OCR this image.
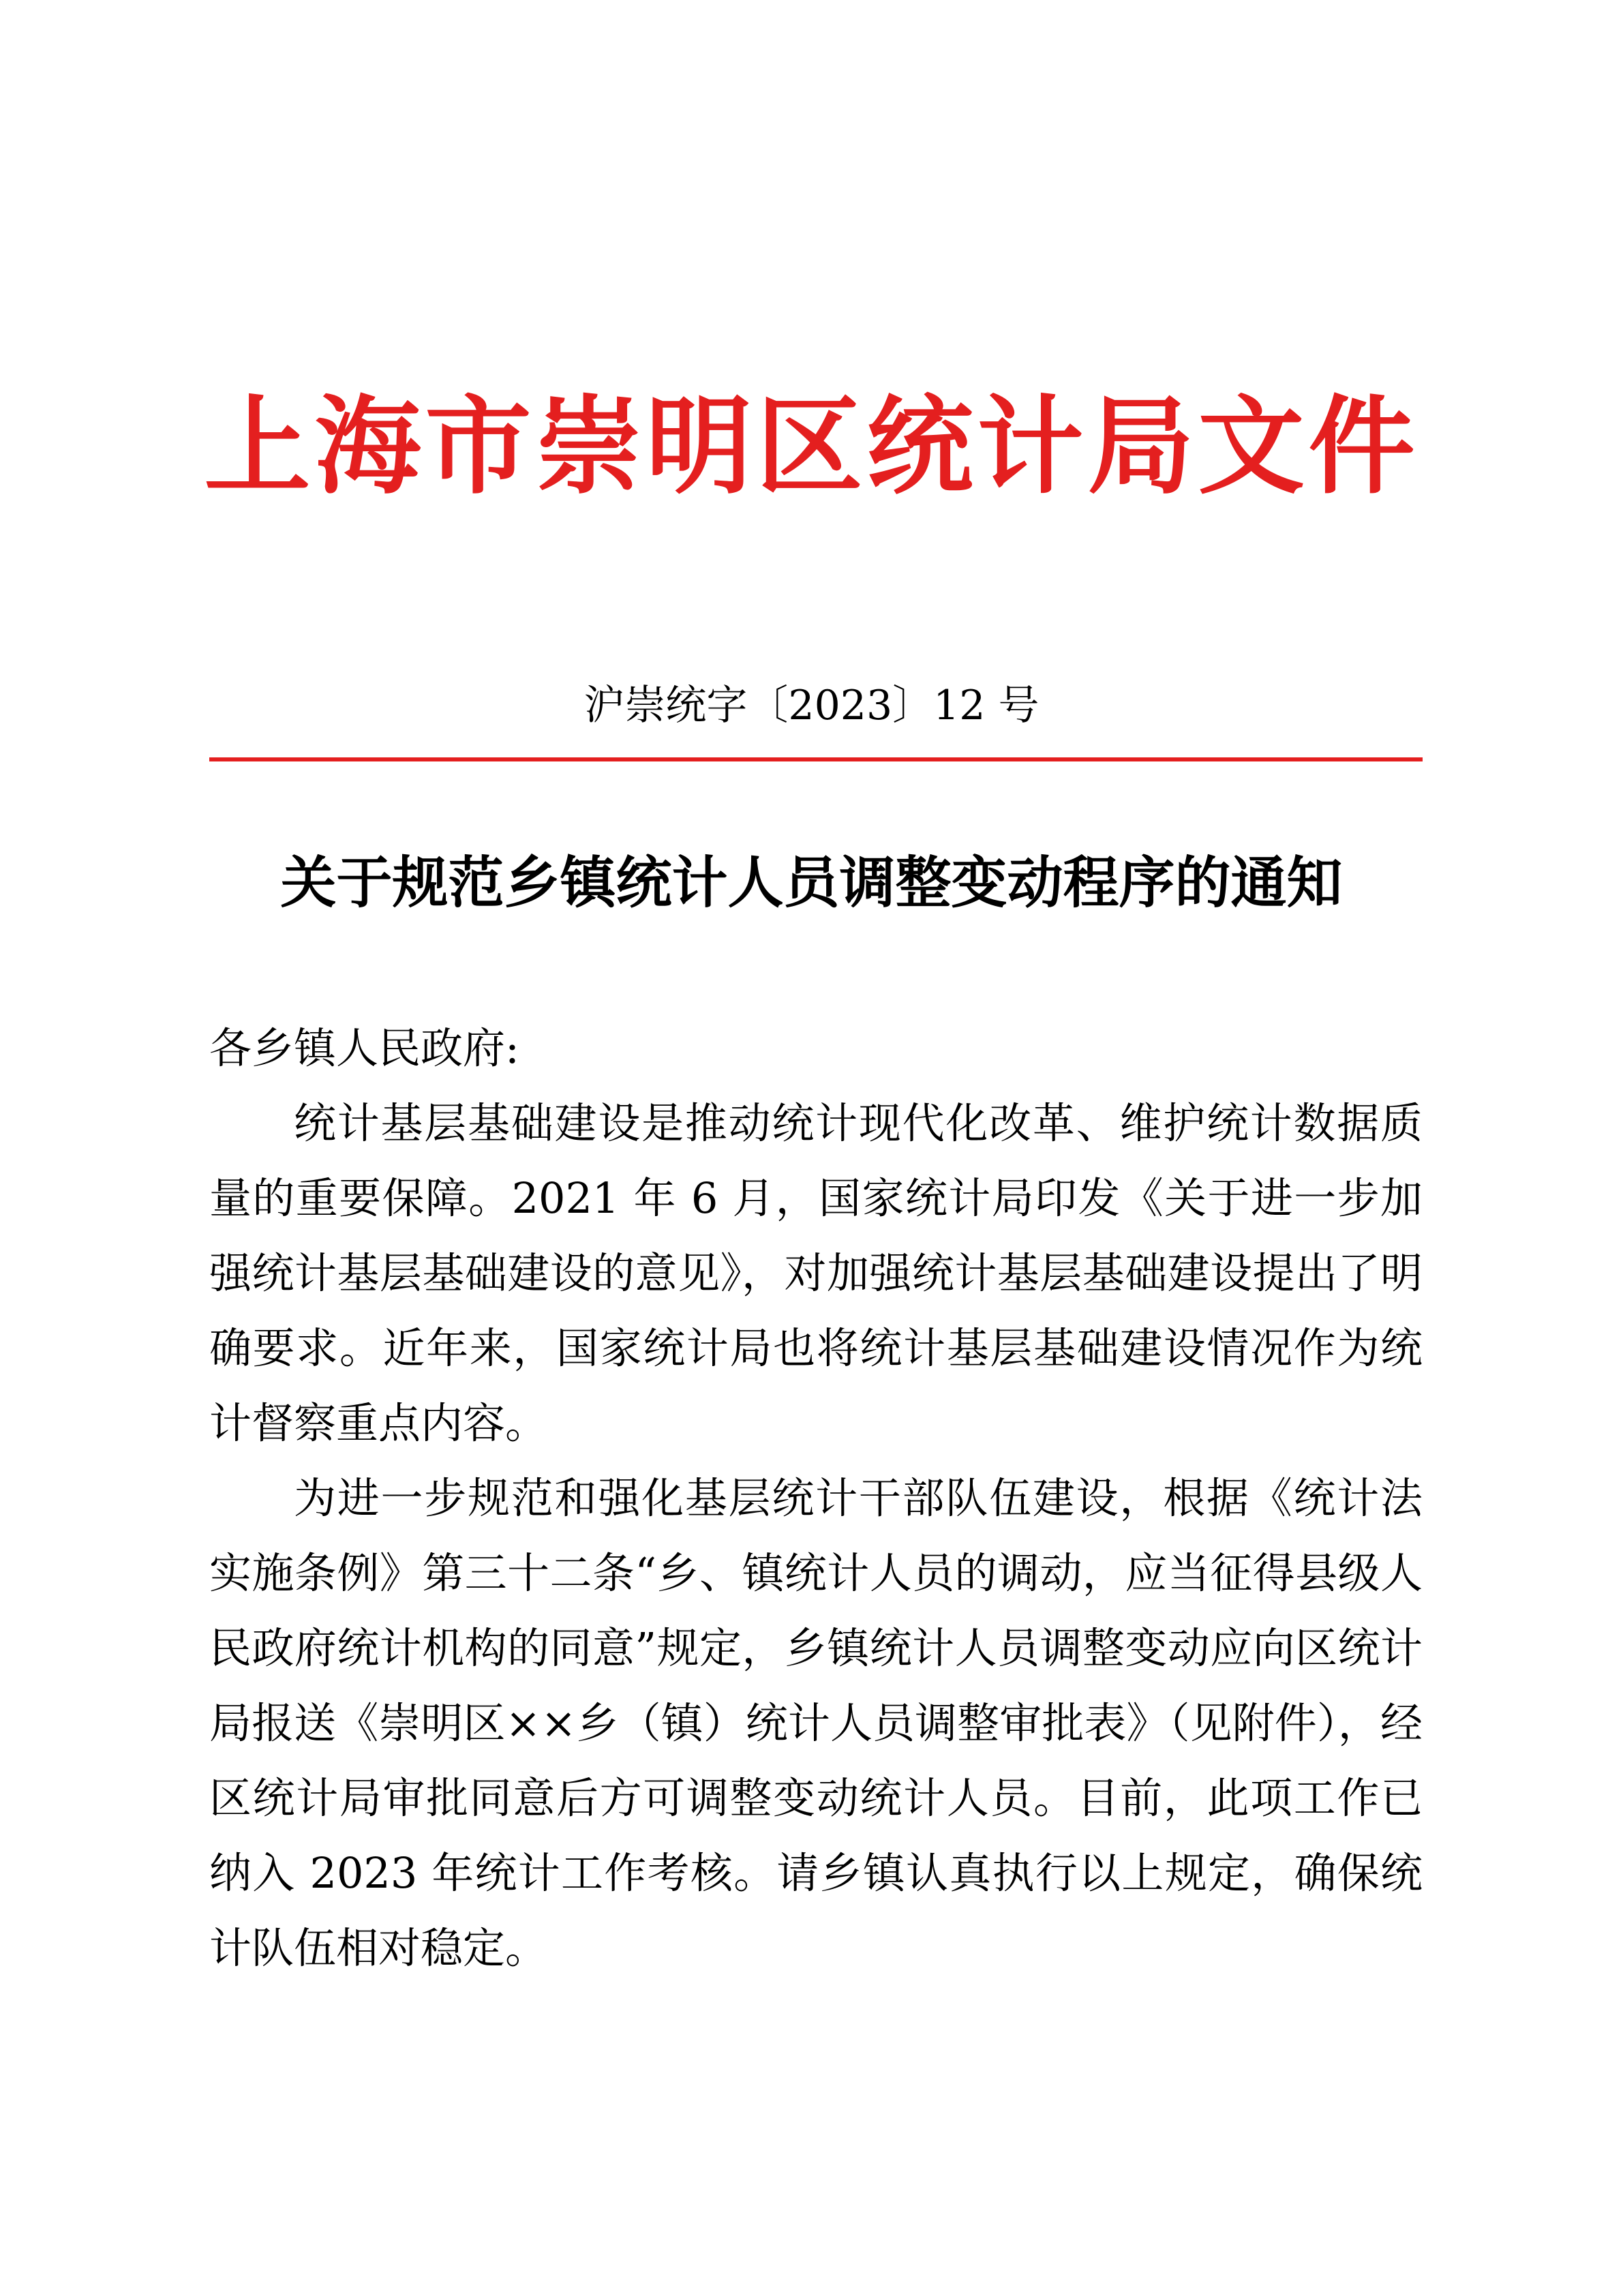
上海市崇明区统计局文件
沪崇统字〔2023〕12 号
关于规范乡镇统计人员调整变动程序的通知
各乡镇人民政府:

统计基层基础建设是推动统计现代化改革、维护统计数据质量的重要保障。2021 年 6 月，国家统计局印发《关于进一步加强统计基层基础建设的意见》，对加强统计基层基础建设提出了明确要求。近年来，国家统计局也将统计基层基础建设情况作为统计督察重点内容。

为进一步规范和强化基层统计干部队伍建设，根据《统计法实施条例》第三十二条“乡、镇统计人员的调动，应当征得县级人民政府统计机构的同意”规定，乡镇统计人员调整变动应向区统计局报送《崇明区××乡（镇）统计人员调整审批表》（见附件），经区统计局审批同意后方可调整变动统计人员。目前，此项工作已纳入 2023 年统计工作考核。请乡镇认真执行以上规定，确保统计队伍相对稳定。
